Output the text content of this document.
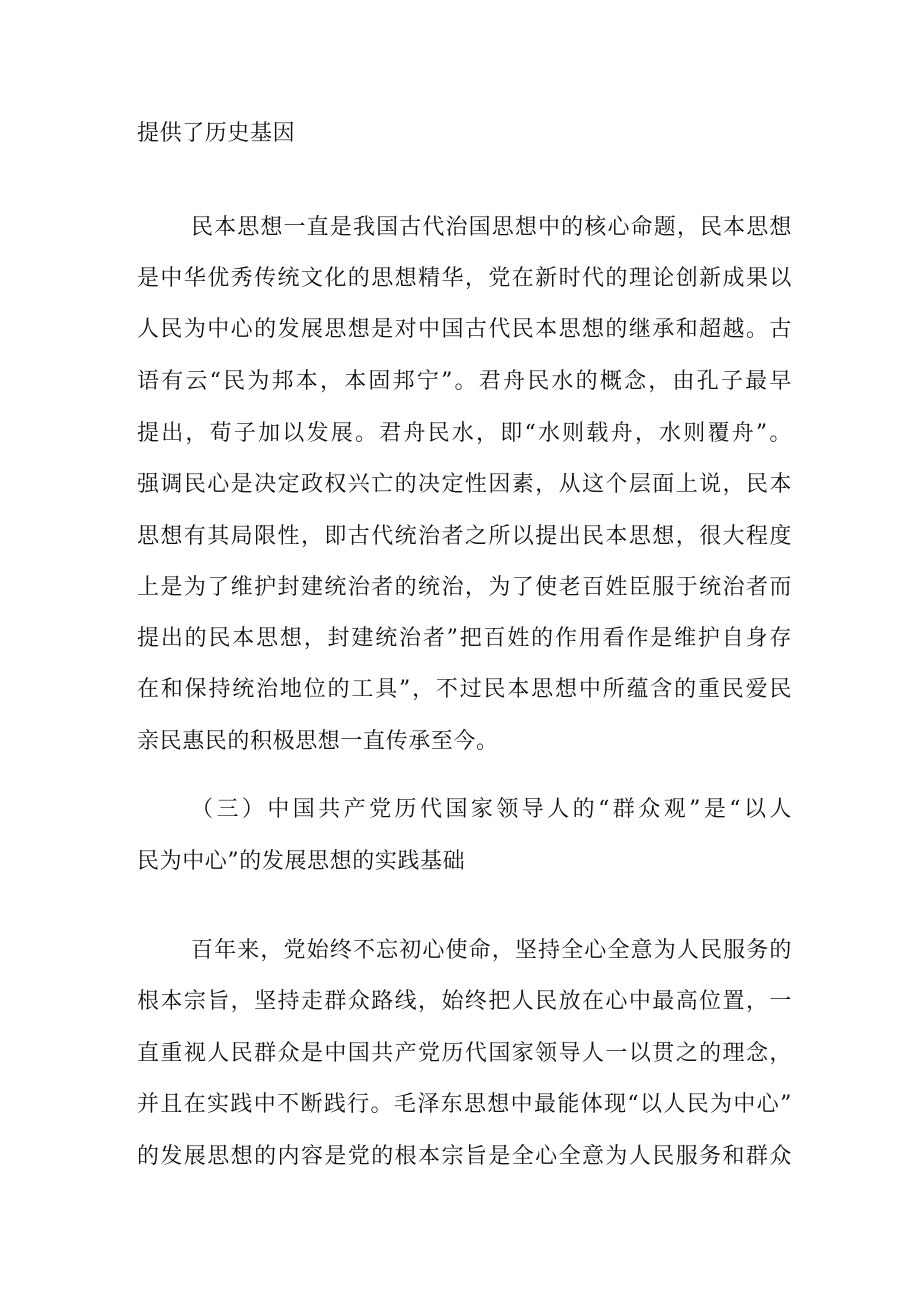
提供了历史基因
民本思想一直是我国古代治国思想中的核心命题，民本思想
是中华优秀传统文化的思想精华，党在新时代的理论创新成果以
人民为中心的发展思想是对中国古代民本思想的继承和超越。古
语有云“民为邦本，本固邦宁”。君舟民水的概念，由孔子最早
提出，荀子加以发展。君舟民水，即“水则载舟，水则覆舟”。
强调民心是决定政权兴亡的决定性因素，从这个层面上说，民本
思想有其局限性，即古代统治者之所以提出民本思想，很大程度
上是为了维护封建统治者的统治，为了使老百姓臣服于统治者而
提出的民本思想，封建统治者”把百姓的作用看作是维护自身存
在和保持统治地位的工具”，不过民本思想中所蕴含的重民爱民
亲民惠民的积极思想一直传承至今。
（三）中国共产党历代国家领导人的“群众观”是“以人
民为中心”的发展思想的实践基础
百年来，党始终不忘初心使命，坚持全心全意为人民服务的
根本宗旨，坚持走群众路线，始终把人民放在心中最高位置，一
直重视人民群众是中国共产党历代国家领导人一以贯之的理念，
并且在实践中不断践行。毛泽东思想中最能体现“以人民为中心”
的发展思想的内容是党的根本宗旨是全心全意为人民服务和群众
